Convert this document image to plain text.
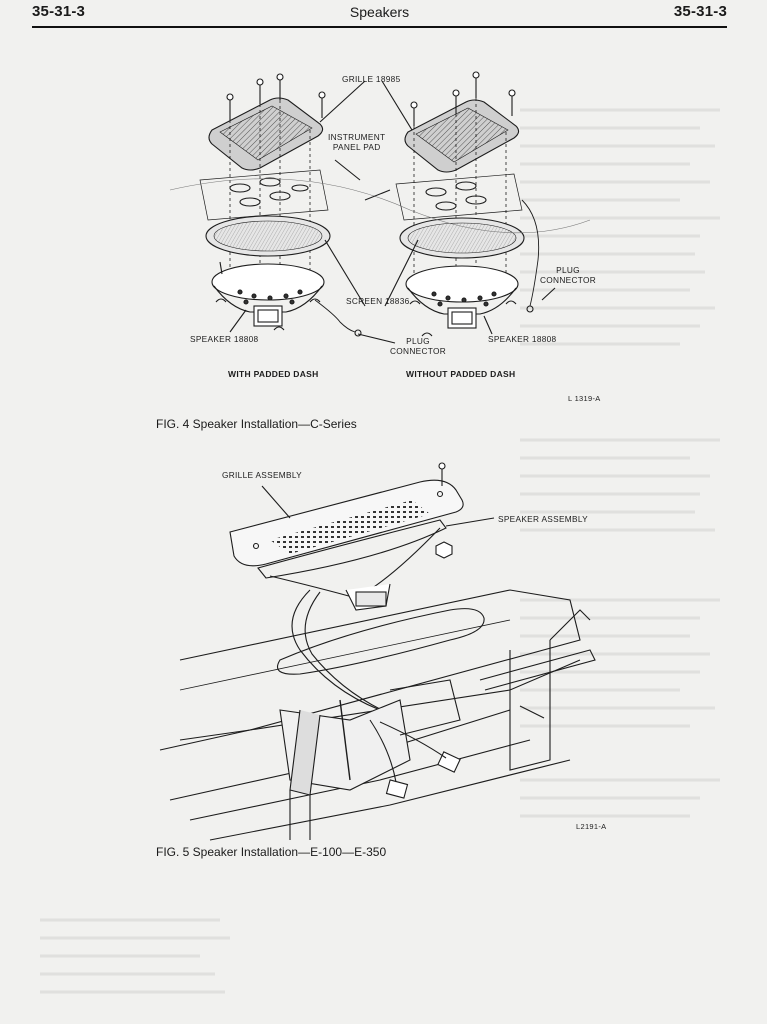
35-31-3	Speakers	35-31-3
GRILLE 18985
INSTRUMENT
PANEL PAD
PLUG
CONNECTOR
SCREEN 18836
SPEAKER 18808	PLUG
CONNECTOR
SPEAKER 18808
WITH PADDED DASH	WITHOUT PADDED DASH
L 1319-A
FIG. 4 Speaker Installation—C-Series
GRILLE ASSEMBLY
SPEAKER ASSEMBLY
L2191-A
FIG. 5 Speaker Installation—E-100—E-350
